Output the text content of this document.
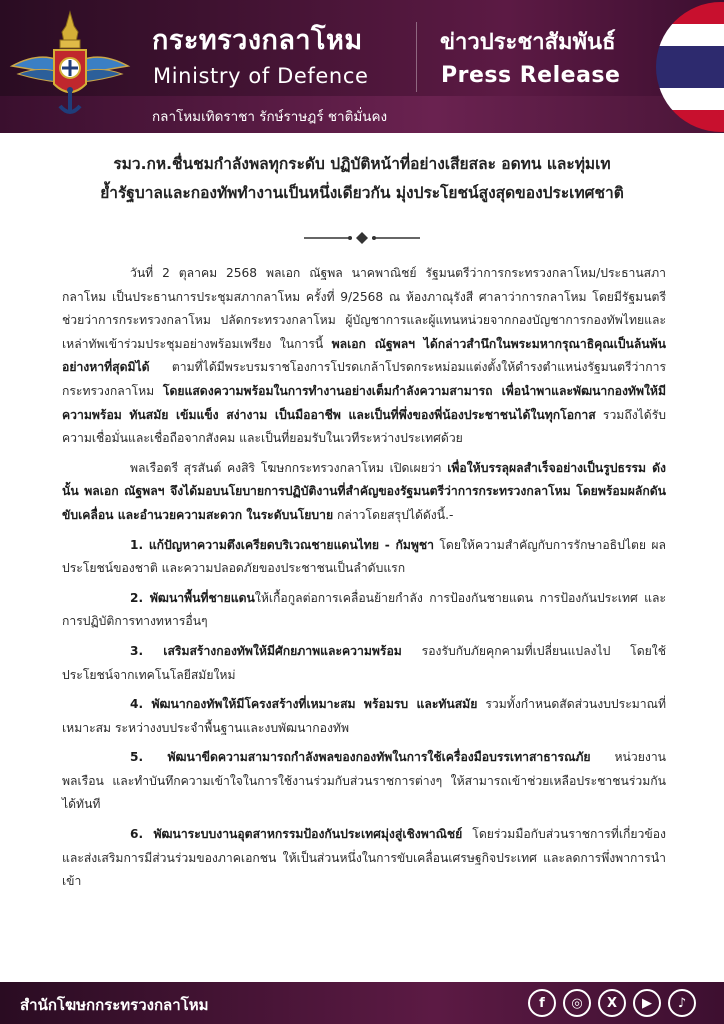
กระทรวงกลาโหม
Ministry of Defence
กลาโหมเทิดราชา รักษ์ราษฎร์ ชาติมั่นคง
ข่าวประชาสัมพันธ์
Press Release
รมว.กห.ชื่นชมกำลังพลทุกระดับ ปฏิบัติหน้าที่อย่างเสียสละ อดทน และทุ่มเท
ย้ำรัฐบาลและกองทัพทำงานเป็นหนึ่งเดียวกัน มุ่งประโยชน์สูงสุดของประเทศชาติ

วันที่ 2 ตุลาคม 2568 พลเอก ณัฐพล นาคพาณิชย์ รัฐมนตรีว่าการกระทรวงกลาโหม/ประธานสภากลาโหม เป็นประธานการประชุมสภากลาโหม ครั้งที่ 9/2568 ณ ห้องภาณุรังสี ศาลาว่าการกลาโหม โดยมีรัฐมนตรีช่วยว่าการกระทรวงกลาโหม ปลัดกระทรวงกลาโหม ผู้บัญชาการและผู้แทนหน่วยจากกองบัญชาการกองทัพไทยและเหล่าทัพเข้าร่วมประชุมอย่างพร้อมเพรียง ในการนี้ พลเอก ณัฐพลฯ ได้กล่าวสำนึกในพระมหากรุณาธิคุณเป็นล้นพ้นอย่างหาที่สุดมิได้ ตามที่ได้มีพระบรมราชโองการโปรดเกล้าโปรดกระหม่อมแต่งตั้งให้ดำรงตำแหน่งรัฐมนตรีว่าการกระทรวงกลาโหม โดยแสดงความพร้อมในการทำงานอย่างเต็มกำลังความสามารถ เพื่อนำพาและพัฒนากองทัพให้มีความพร้อม ทันสมัย เข้มแข็ง สง่างาม เป็นมืออาชีพ และเป็นที่พึ่งของพี่น้องประชาชนได้ในทุกโอกาส รวมถึงได้รับความเชื่อมั่นและเชื่อถือจากสังคม และเป็นที่ยอมรับในเวทีระหว่างประเทศด้วย

พลเรือตรี สุรสันต์ คงสิริ โฆษกกระทรวงกลาโหม เปิดเผยว่า เพื่อให้บรรลุผลสำเร็จอย่างเป็นรูปธรรม ดังนั้น พลเอก ณัฐพลฯ จึงได้มอบนโยบายการปฏิบัติงานที่สำคัญของรัฐมนตรีว่าการกระทรวงกลาโหม โดยพร้อมผลักดัน ขับเคลื่อน และอำนวยความสะดวก ในระดับนโยบาย กล่าวโดยสรุปได้ดังนี้.-

1. แก้ปัญหาความตึงเครียดบริเวณชายแดนไทย - กัมพูชา โดยให้ความสำคัญกับการรักษาอธิปไตย ผลประโยชน์ของชาติ และความปลอดภัยของประชาชนเป็นลำดับแรก

2. พัฒนาพื้นที่ชายแดนให้เกื้อกูลต่อการเคลื่อนย้ายกำลัง การป้องกันชายแดน การป้องกันประเทศ และการปฏิบัติการทางทหารอื่นๆ

3. เสริมสร้างกองทัพให้มีศักยภาพและความพร้อม รองรับกับภัยคุกคามที่เปลี่ยนแปลงไป โดยใช้ประโยชน์จากเทคโนโลยีสมัยใหม่

4. พัฒนากองทัพให้มีโครงสร้างที่เหมาะสม พร้อมรบ และทันสมัย รวมทั้งกำหนดสัดส่วนงบประมาณที่เหมาะสม ระหว่างงบประจำพื้นฐานและงบพัฒนากองทัพ

5. พัฒนาขีดความสามารถกำลังพลของกองทัพในการใช้เครื่องมือบรรเทาสาธารณภัย หน่วยงานพลเรือน และทำบันทึกความเข้าใจในการใช้งานร่วมกับส่วนราชการต่างๆ ให้สามารถเข้าช่วยเหลือประชาชนร่วมกันได้ทันที

6. พัฒนาระบบงานอุตสาหกรรมป้องกันประเทศมุ่งสู่เชิงพาณิชย์ โดยร่วมมือกับส่วนราชการที่เกี่ยวข้องและส่งเสริมการมีส่วนร่วมของภาคเอกชน ให้เป็นส่วนหนึ่งในการขับเคลื่อนเศรษฐกิจประเทศ และลดการพึ่งพาการนำเข้า

สำนักโฆษกกระทรวงกลาโหม	f	◎	X	▶	♪
